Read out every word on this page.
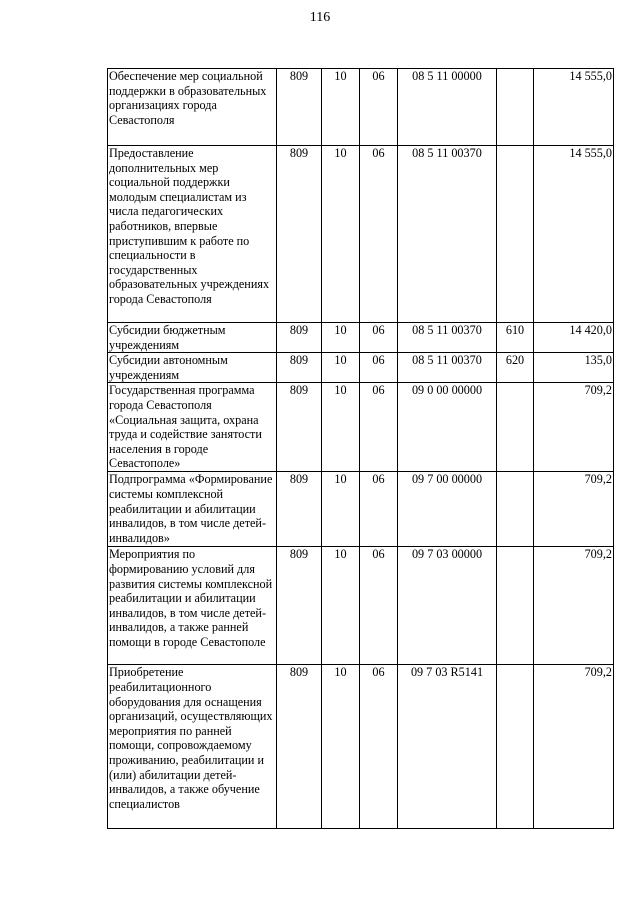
116
Обеспечение мер социальной поддержки в образовательных организациях города Севастополя	809	10	06	08 5 11 00000		14 555,0
Предоставление дополнительных мер социальной поддержки молодым специалистам из числа педагогических работников, впервые приступившим к работе по специальности в государственных образовательных учреждениях города Севастополя	809	10	06	08 5 11 00370		14 555,0
Субсидии бюджетным учреждениям	809	10	06	08 5 11 00370	610	14 420,0
Субсидии автономным учреждениям	809	10	06	08 5 11 00370	620	135,0
Государственная программа города Севастополя «Социальная защита, охрана труда и содействие занятости населения в городе Севастополе»	809	10	06	09 0 00 00000		709,2
Подпрограмма «Формирование системы комплексной реабилитации и абилитации инвалидов, в том числе детей-инвалидов»	809	10	06	09 7 00 00000		709,2
Мероприятия по формированию условий для развития системы комплексной реабилитации и абилитации инвалидов, в том числе детей-инвалидов, а также ранней помощи в городе Севастополе	809	10	06	09 7 03 00000		709,2
Приобретение реабилитационного оборудования для оснащения организаций, осуществляющих мероприятия по ранней помощи, сопровождаемому проживанию, реабилитации и (или) абилитации детей-инвалидов, а также обучение специалистов	809	10	06	09 7 03 R5141		709,2
